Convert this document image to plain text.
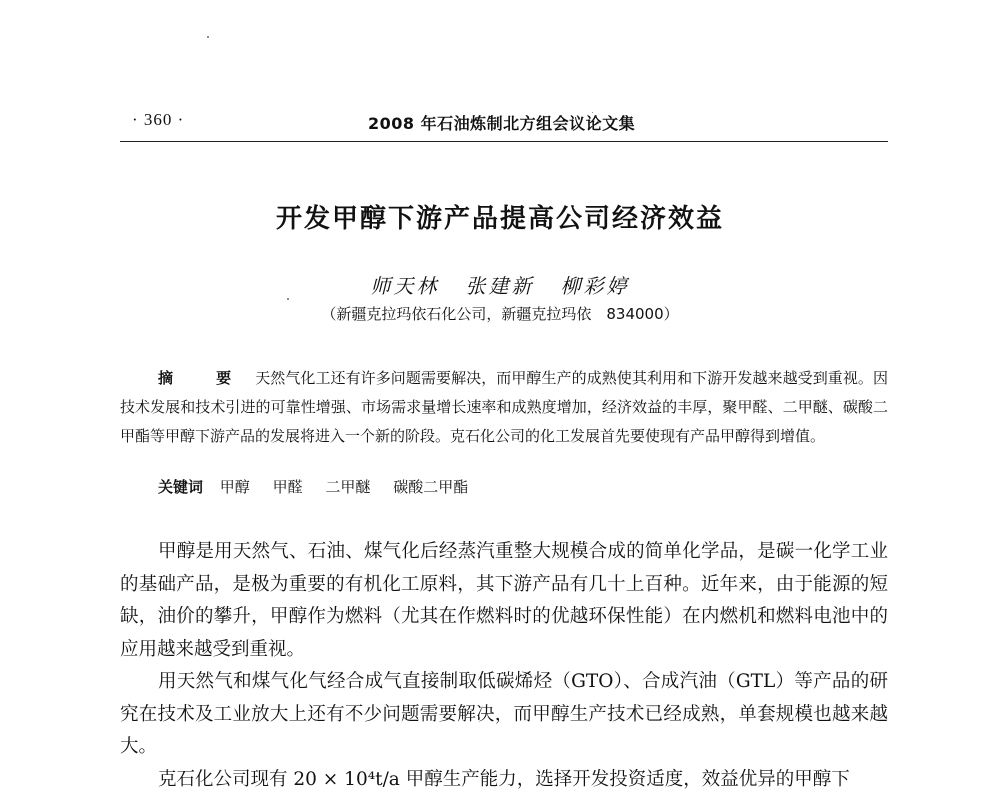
· 360 ·	2008 年石油炼制北方组会议论文集
开发甲醇下游产品提高公司经济效益
师天林 张建新 柳彩婷
（新疆克拉玛依石化公司，新疆克拉玛依　834000）
摘　要 天然气化工还有许多问题需要解决，而甲醇生产的成熟使其利用和下游开发越来越受到重视。因技术发展和技术引进的可靠性增强、市场需求量增长速率和成熟度增加，经济效益的丰厚，聚甲醛、二甲醚、碳酸二甲酯等甲醇下游产品的发展将进入一个新的阶段。克石化公司的化工发展首先要使现有产品甲醇得到增值。
关键词 甲醇 甲醛 二甲醚 碳酸二甲酯

甲醇是用天然气、石油、煤气化后经蒸汽重整大规模合成的简单化学品，是碳一化学工业的基础产品，是极为重要的有机化工原料，其下游产品有几十上百种。近年来，由于能源的短缺，油价的攀升，甲醇作为燃料（尤其在作燃料时的优越环保性能）在内燃机和燃料电池中的应用越来越受到重视。

用天然气和煤气化气经合成气直接制取低碳烯烃（GTO）、合成汽油（GTL）等产品的研究在技术及工业放大上还有不少问题需要解决，而甲醇生产技术已经成熟，单套规模也越来越大。

克石化公司现有 20 × 10⁴t/a 甲醇生产能力，选择开发投资适度，效益优异的甲醇下
